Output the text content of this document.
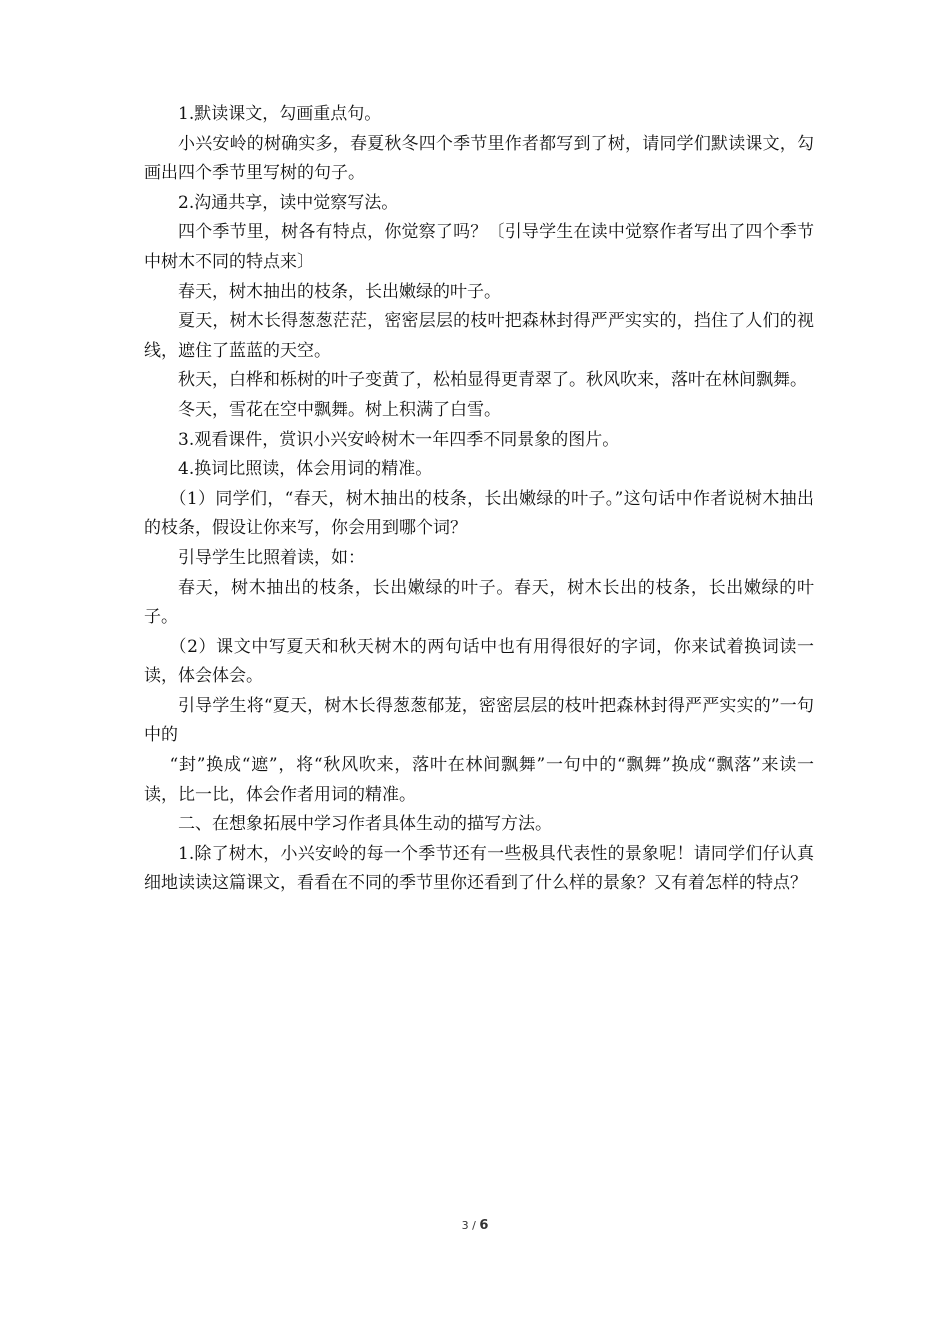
1.默读课文，勾画重点句。

小兴安岭的树确实多，春夏秋冬四个季节里作者都写到了树，请同学们默读课文，勾画出四个季节里写树的句子。

2.沟通共享，读中觉察写法。

四个季节里，树各有特点，你觉察了吗？〔引导学生在读中觉察作者写出了四个季节中树木不同的特点来〕

春天，树木抽出的枝条，长出嫩绿的叶子。

夏天，树木长得葱葱茫茫，密密层层的枝叶把森林封得严严实实的，挡住了人们的视线，遮住了蓝蓝的天空。

秋天，白桦和栎树的叶子变黄了，松柏显得更青翠了。秋风吹来，落叶在林间飘舞。

冬天，雪花在空中飘舞。树上积满了白雪。

3.观看课件，赏识小兴安岭树木一年四季不同景象的图片。

4.换词比照读，体会用词的精准。

（1）同学们，“春天，树木抽出的枝条，长出嫩绿的叶子。”这句话中作者说树木抽出的枝条，假设让你来写，你会用到哪个词？

引导学生比照着读，如：

春天，树木抽出的枝条，长出嫩绿的叶子。春天，树木长出的枝条，长出嫩绿的叶子。

（2）课文中写夏天和秋天树木的两句话中也有用得很好的字词，你来试着换词读一读，体会体会。

引导学生将“夏天，树木长得葱葱郁茏，密密层层的枝叶把森林封得严严实实的”一句中的

“封”换成“遮”，将“秋风吹来，落叶在林间飘舞”一句中的“飘舞”换成“飘落”来读一读，比一比，体会作者用词的精准。

二、在想象拓展中学习作者具体生动的描写方法。

1.除了树木，小兴安岭的每一个季节还有一些极具代表性的景象呢！请同学们仔认真细地读读这篇课文，看看在不同的季节里你还看到了什么样的景象？又有着怎样的特点？

3 / 6
